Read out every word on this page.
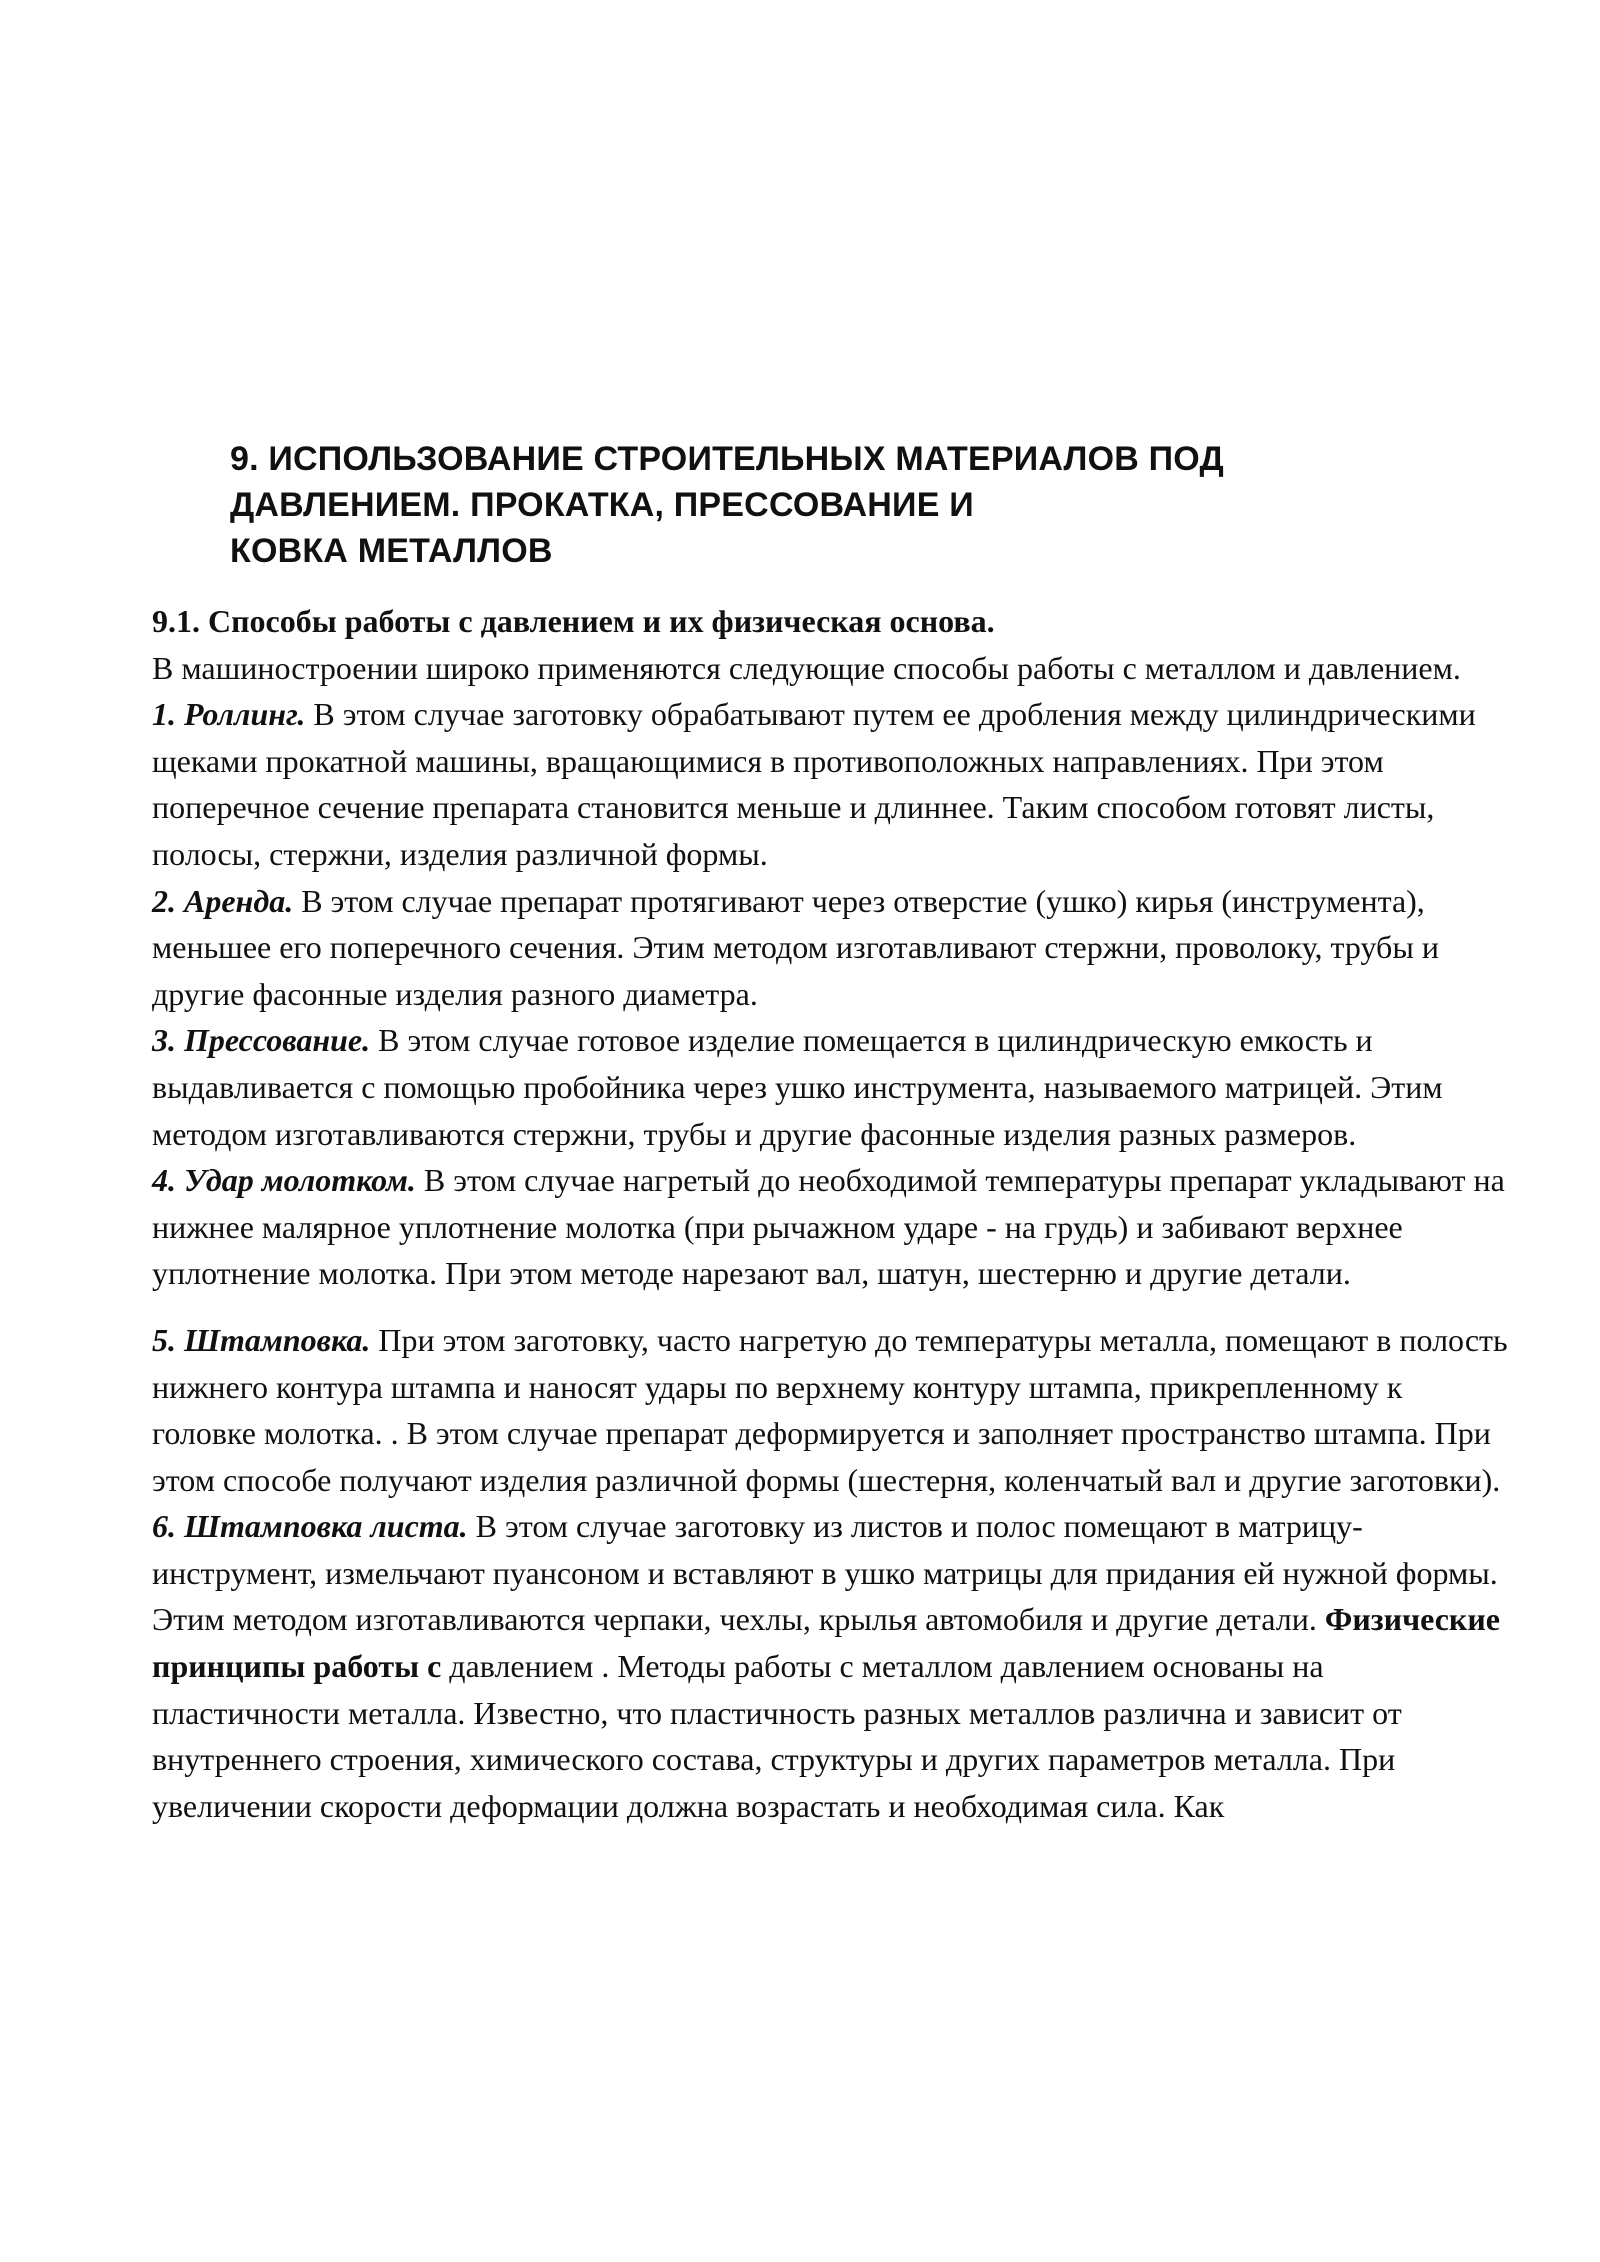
9. ИСПОЛЬЗОВАНИЕ СТРОИТЕЛЬНЫХ МАТЕРИАЛОВ ПОД
ДАВЛЕНИЕМ. ПРОКАТКА, ПРЕССОВАНИЕ И
КОВКА МЕТАЛЛОВ

9.1. Способы работы с давлением и их физическая основа.

В машиностроении широко применяются следующие способы работы с металлом и давлением.

1. Роллинг. В этом случае заготовку обрабатывают путем ее дробления между цилиндрическими щеками прокатной машины, вращающимися в противоположных направлениях. При этом поперечное сечение препарата становится меньше и длиннее. Таким способом готовят листы, полосы, стержни, изделия различной формы.

2. Аренда. В этом случае препарат протягивают через отверстие (ушко) кирья (инструмента), меньшее его поперечного сечения. Этим методом изготавливают стержни, проволоку, трубы и другие фасонные изделия разного диаметра.

3. Прессование. В этом случае готовое изделие помещается в цилиндрическую емкость и выдавливается с помощью пробойника через ушко инструмента, называемого матрицей. Этим методом изготавливаются стержни, трубы и другие фасонные изделия разных размеров.

4. Удар молотком. В этом случае нагретый до необходимой температуры препарат укладывают на нижнее малярное уплотнение молотка (при рычажном ударе - на грудь) и забивают верхнее уплотнение молотка. При этом методе нарезают вал, шатун, шестерню и другие детали.

5. Штамповка. При этом заготовку, часто нагретую до температуры металла, помещают в полость нижнего контура штампа и наносят удары по верхнему контуру штампа, прикрепленному к головке молотка. . В этом случае препарат деформируется и заполняет пространство штампа. При этом способе получают изделия различной формы (шестерня, коленчатый вал и другие заготовки).

6. Штамповка листа. В этом случае заготовку из листов и полос помещают в матрицу-инструмент, измельчают пуансоном и вставляют в ушко матрицы для придания ей нужной формы. Этим методом изготавливаются черпаки, чехлы, крылья автомобиля и другие детали. Физические принципы работы с давлением . Методы работы с металлом давлением основаны на пластичности металла. Известно, что пластичность разных металлов различна и зависит от внутреннего строения, химического состава, структуры и других параметров металла. При увеличении скорости деформации должна возрастать и необходимая сила. Как
